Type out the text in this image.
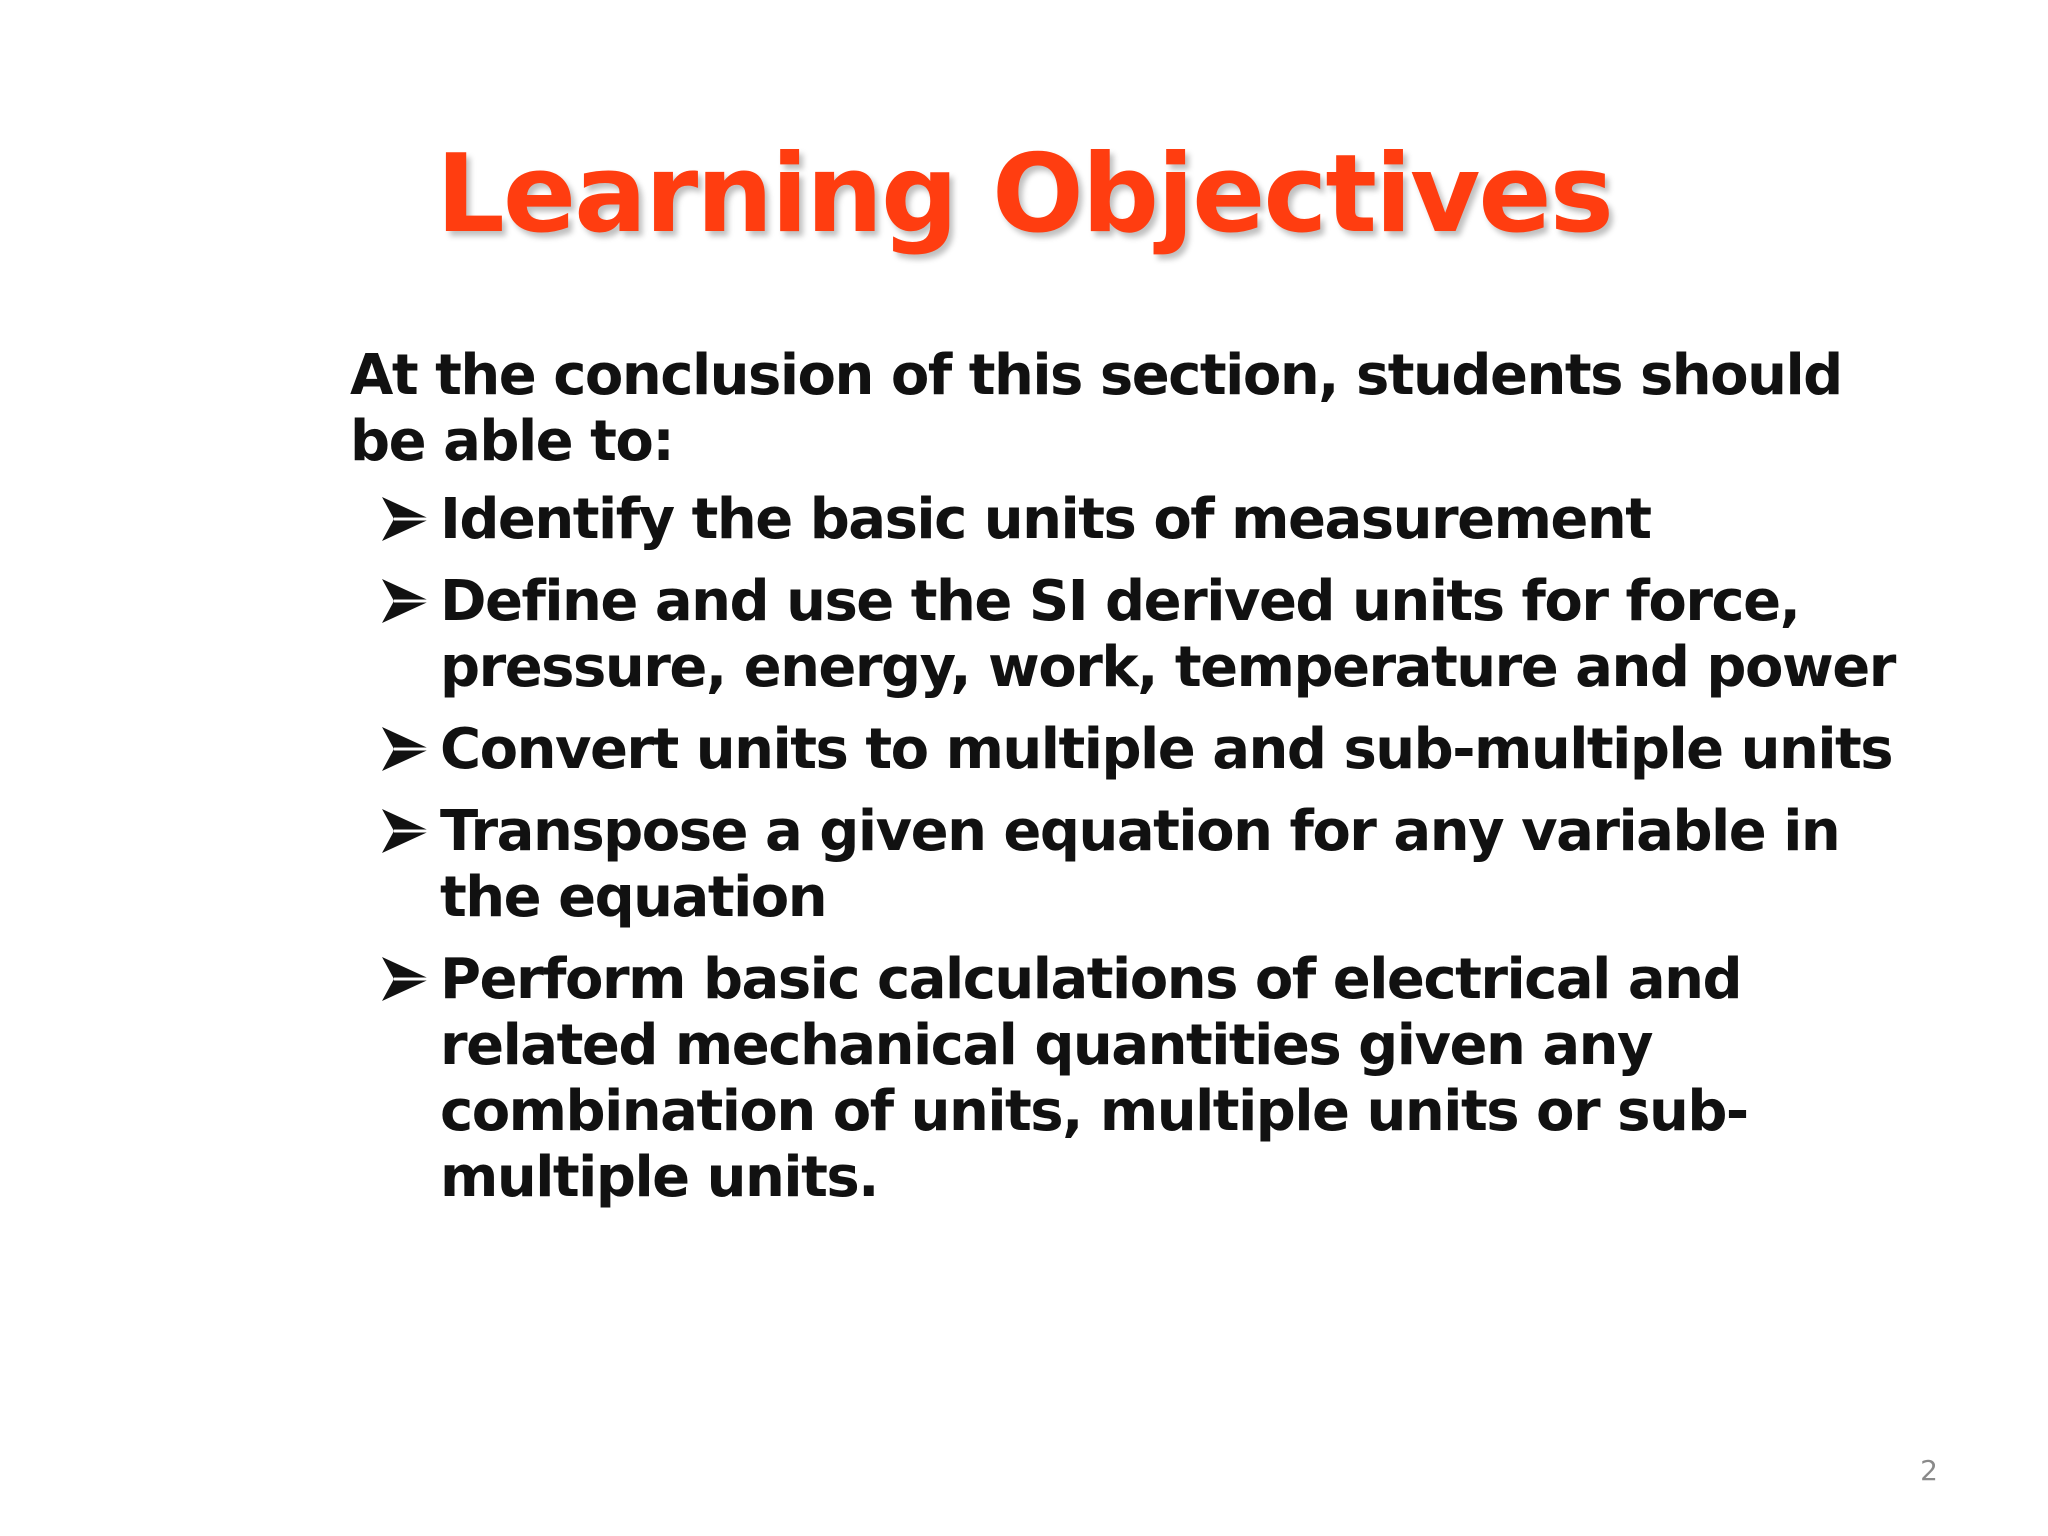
Learning Objectives

At the conclusion of this section, students should be able to:

Identify the basic units of measurement
Define and use the SI derived units for force, pressure, energy, work, temperature and power
Convert units to multiple and sub-multiple units
Transpose a given equation for any variable in the equation
Perform basic calculations of electrical and related mechanical quantities given any combination of units, multiple units or sub-multiple units.
2
